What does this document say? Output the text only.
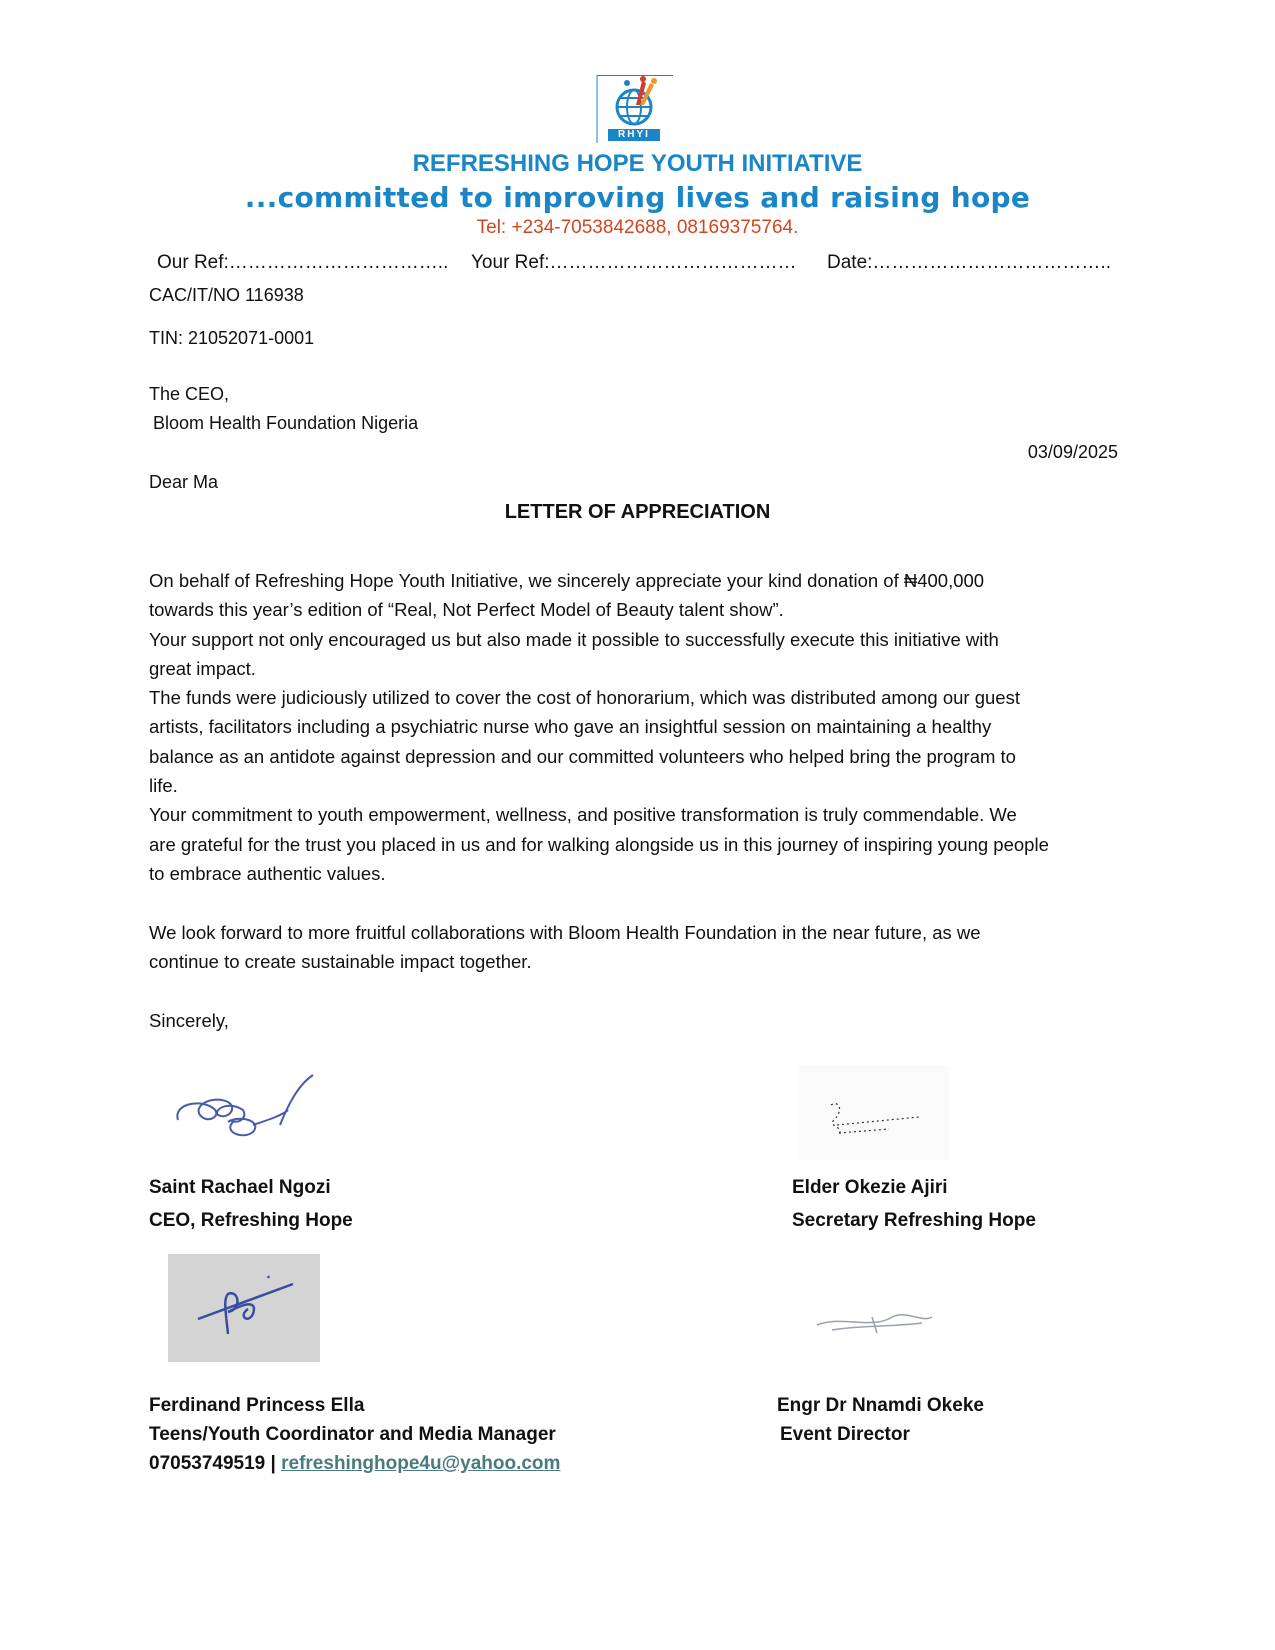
RHYI
REFRESHING HOPE YOUTH INITIATIVE
...committed to improving lives and raising hope
Tel: +234-7053842688, 08169375764.
Our Ref:…………………………….. Your Ref:………………………………… Date:………………………………..
CAC/IT/NO 116938
TIN: 21052071-0001
The CEO,
Bloom Health Foundation Nigeria
03/09/2025
Dear Ma
LETTER OF APPRECIATION
On behalf of Refreshing Hope Youth Initiative, we sincerely appreciate your kind donation of ₦400,000
towards this year’s edition of “Real, Not Perfect Model of Beauty talent show”.
Your support not only encouraged us but also made it possible to successfully execute this initiative with
great impact.
The funds were judiciously utilized to cover the cost of honorarium, which was distributed among our guest
artists, facilitators including a psychiatric nurse who gave an insightful session on maintaining a healthy
balance as an antidote against depression and our committed volunteers who helped bring the program to
life.
Your commitment to youth empowerment, wellness, and positive transformation is truly commendable. We
are grateful for the trust you placed in us and for walking alongside us in this journey of inspiring young people
to embrace authentic values.
We look forward to more fruitful collaborations with Bloom Health Foundation in the near future, as we
continue to create sustainable impact together.
Sincerely,
Saint Rachael Ngozi
CEO, Refreshing Hope
Elder Okezie Ajiri
Secretary Refreshing Hope
Ferdinand Princess Ella
Teens/Youth Coordinator and Media Manager
07053749519 | refreshinghope4u@yahoo.com
Engr Dr Nnamdi Okeke
Event Director
